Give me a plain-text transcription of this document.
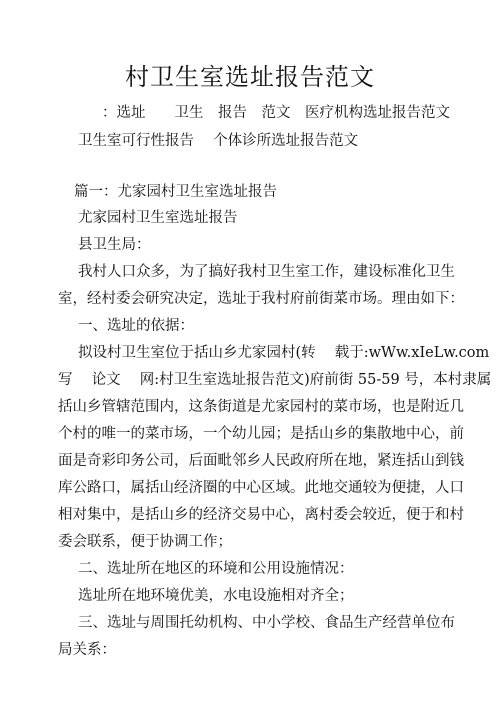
村卫生室选址报告范文
：选址　　卫生　报告　范文　医疗机构选址报告范文
卫生室可行性报告　 个体诊所选址报告范文
篇一：尤家园村卫生室选址报告
尤家园村卫生室选址报告
县卫生局：
我村人口众多，为了搞好我村卫生室工作，建设标准化卫生
室，经村委会研究决定，选址于我村府前街菜市场。理由如下：
一、选址的依据：
拟设村卫生室位于括山乡尤家园村(转　 载于:wWw.xIeLw.com
写　 论文　 网:村卫生室选址报告范文)府前街 55-59 号，本村隶属
括山乡管辖范围内，这条街道是尤家园村的菜市场，也是附近几
个村的唯一的菜市场，一个幼儿园；是括山乡的集散地中心，前
面是奇彩印务公司，后面毗邻乡人民政府所在地，紧连括山到钱
库公路口，属括山经济圈的中心区域。此地交通较为便捷，人口
相对集中，是括山乡的经济交易中心，离村委会较近，便于和村
委会联系，便于协调工作；
二、选址所在地区的环境和公用设施情况：
选址所在地环境优美，水电设施相对齐全；
三、选址与周围托幼机构、中小学校、食品生产经营单位布
局关系：
